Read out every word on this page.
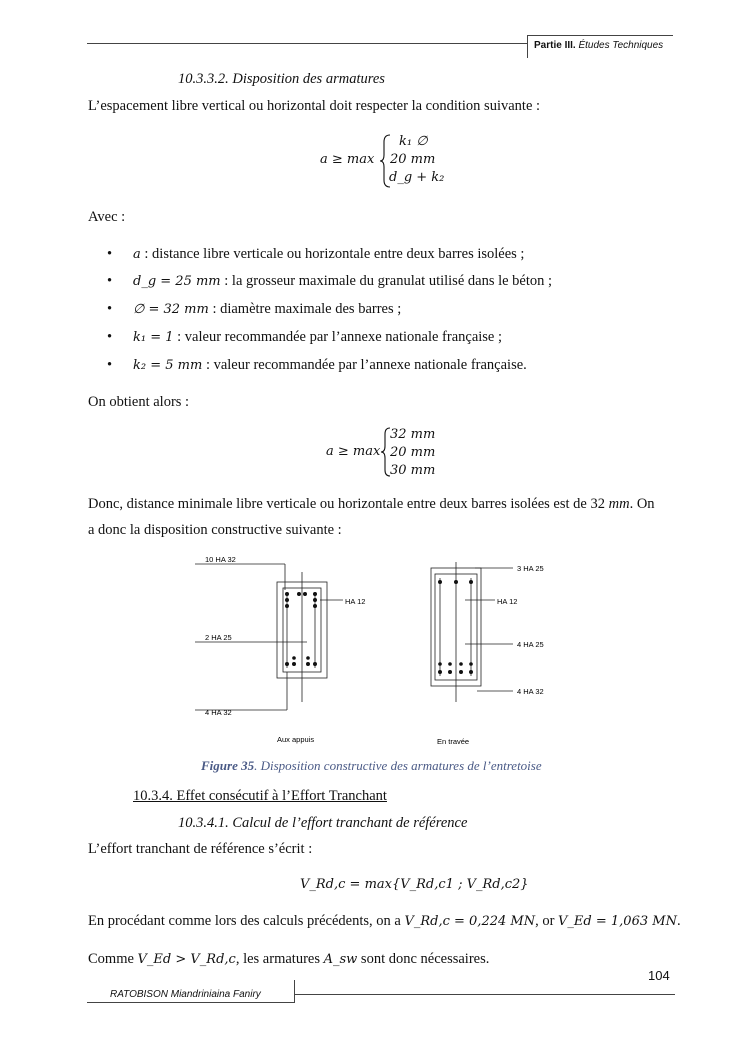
Partie III. Études Techniques
10.3.3.2. Disposition des armatures
L’espacement libre vertical ou horizontal doit respecter la condition suivante :
a ≥ max
k₁ ∅
20 mm
d_g + k₂
Avec :
• a : distance libre verticale ou horizontale entre deux barres isolées ;
• d_g = 25 mm : la grosseur maximale du granulat utilisé dans le béton ;
• ∅ = 32 mm : diamètre maximale des barres ;
• k₁ = 1 : valeur recommandée par l’annexe nationale française ;
• k₂ = 5 mm : valeur recommandée par l’annexe nationale française.
On obtient alors :
a ≥ max
32 mm
20 mm
30 mm
Donc, distance minimale libre verticale ou horizontale entre deux barres isolées est de 32 mm. On
a donc la disposition constructive suivante :
10 HA 32
HA 12
2 HA 25
4 HA 32
Aux appuis
3 HA 25
HA 12
4 HA 25
4 HA 32
En travée
Figure 35. Disposition constructive des armatures de l’entretoise
10.3.4. Effet consécutif à l’Effort Tranchant
10.3.4.1. Calcul de l’effort tranchant de référence
L’effort tranchant de référence s’écrit :
V_Rd,c = max{V_Rd,c1 ; V_Rd,c2}
En procédant comme lors des calculs précédents, on a V_Rd,c = 0,224 MN, or V_Ed = 1,063 MN.
Comme V_Ed > V_Rd,c, les armatures A_sw sont donc nécessaires.
104
RATOBISON Miandriniaina Faniry
